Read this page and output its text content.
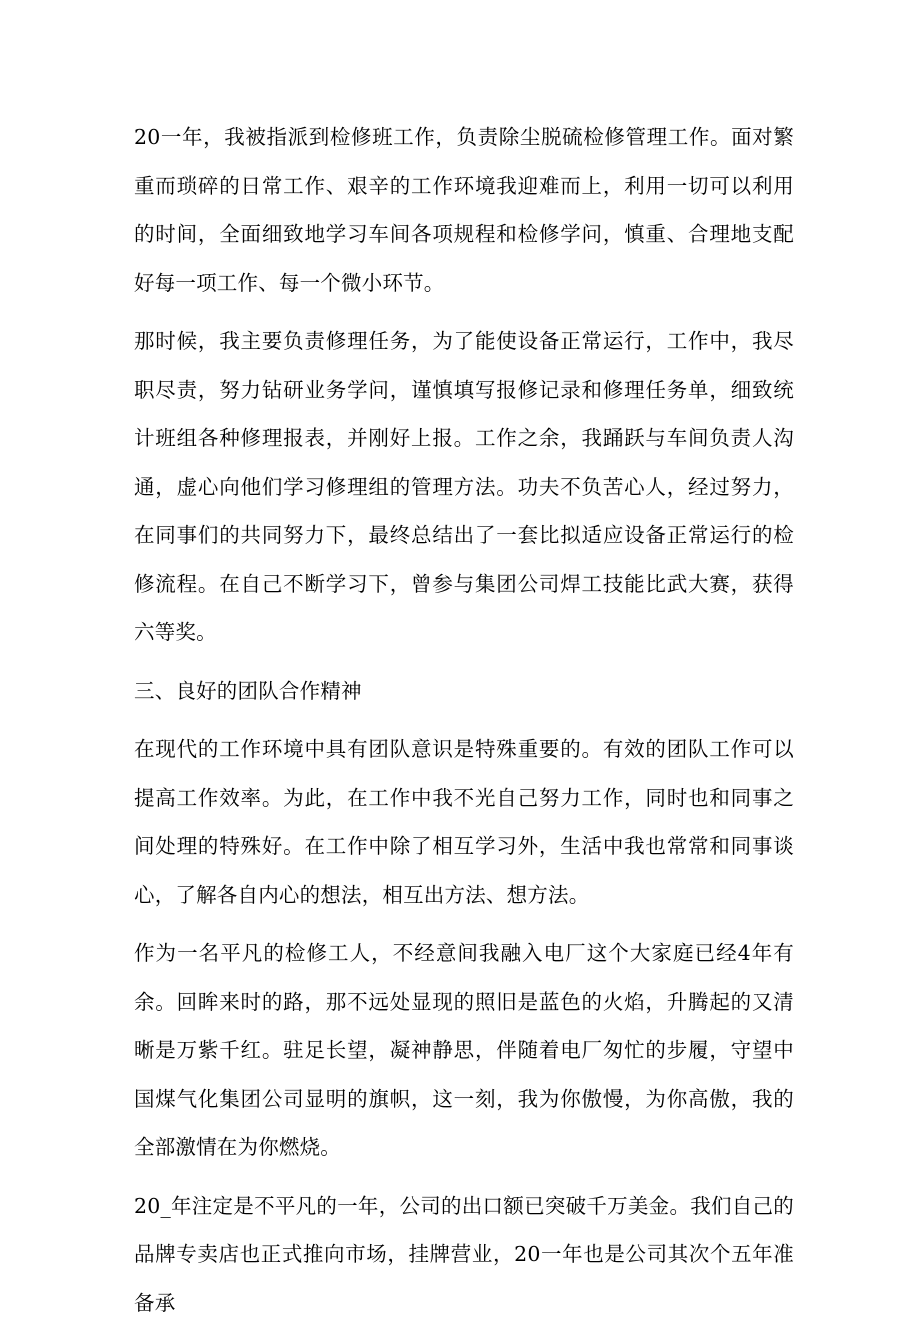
20一年，我被指派到检修班工作，负责除尘脱硫检修管理工作。面对繁重而琐碎的日常工作、艰辛的工作环境我迎难而上，利用一切可以利用的时间，全面细致地学习车间各项规程和检修学问，慎重、合理地支配好每一项工作、每一个微小环节。

那时候，我主要负责修理任务，为了能使设备正常运行，工作中，我尽职尽责，努力钻研业务学问，谨慎填写报修记录和修理任务单，细致统计班组各种修理报表，并刚好上报。工作之余，我踊跃与车间负责人沟通，虚心向他们学习修理组的管理方法。功夫不负苦心人，经过努力，在同事们的共同努力下，最终总结出了一套比拟适应设备正常运行的检修流程。在自己不断学习下，曾参与集团公司焊工技能比武大赛，获得六等奖。

三、良好的团队合作精神

在现代的工作环境中具有团队意识是特殊重要的。有效的团队工作可以提高工作效率。为此，在工作中我不光自己努力工作，同时也和同事之间处理的特殊好。在工作中除了相互学习外，生活中我也常常和同事谈心，了解各自内心的想法，相互出方法、想方法。

作为一名平凡的检修工人，不经意间我融入电厂这个大家庭已经4年有余。回眸来时的路，那不远处显现的照旧是蓝色的火焰，升腾起的又清晰是万紫千红。驻足长望，凝神静思，伴随着电厂匆忙的步履，守望中国煤气化集团公司显明的旗帜，这一刻，我为你傲慢，为你高傲，我的全部激情在为你燃烧。

20_年注定是不平凡的一年，公司的出口额已突破千万美金。我们自己的品牌专卖店也正式推向市场，挂牌营业，20一年也是公司其次个五年准备承
